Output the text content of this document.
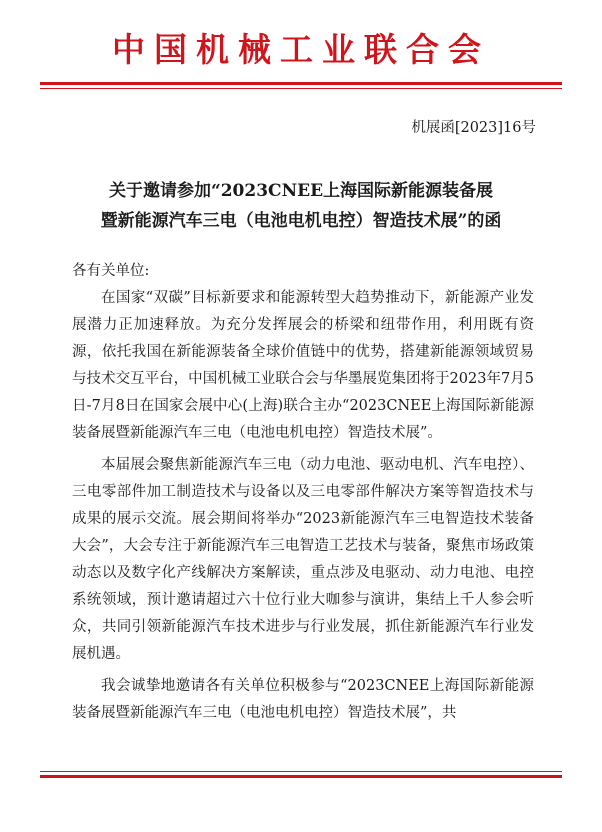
中国机械工业联合会
机展函[2023]16号
关于邀请参加“2023CNEE上海国际新能源装备展
暨新能源汽车三电（电池电机电控）智造技术展”的函

各有关单位:

在国家“双碳”目标新要求和能源转型大趋势推动下，新能源产业发展潜力正加速释放。为充分发挥展会的桥梁和纽带作用，利用既有资源，依托我国在新能源装备全球价值链中的优势，搭建新能源领域贸易与技术交互平台，中国机械工业联合会与华墨展览集团将于2023年7月5日-7月8日在国家会展中心(上海)联合主办“2023CNEE上海国际新能源装备展暨新能源汽车三电（电池电机电控）智造技术展”。

本届展会聚焦新能源汽车三电（动力电池、驱动电机、汽车电控）、三电零部件加工制造技术与设备以及三电零部件解决方案等智造技术与成果的展示交流。展会期间将举办“2023新能源汽车三电智造技术装备大会”，大会专注于新能源汽车三电智造工艺技术与装备，聚焦市场政策动态以及数字化产线解决方案解读，重点涉及电驱动、动力电池、电控系统领域，预计邀请超过六十位行业大咖参与演讲，集结上千人参会听众，共同引领新能源汽车技术进步与行业发展，抓住新能源汽车行业发展机遇。

我会诚挚地邀请各有关单位积极参与“2023CNEE上海国际新能源装备展暨新能源汽车三电（电池电机电控）智造技术展”，共
